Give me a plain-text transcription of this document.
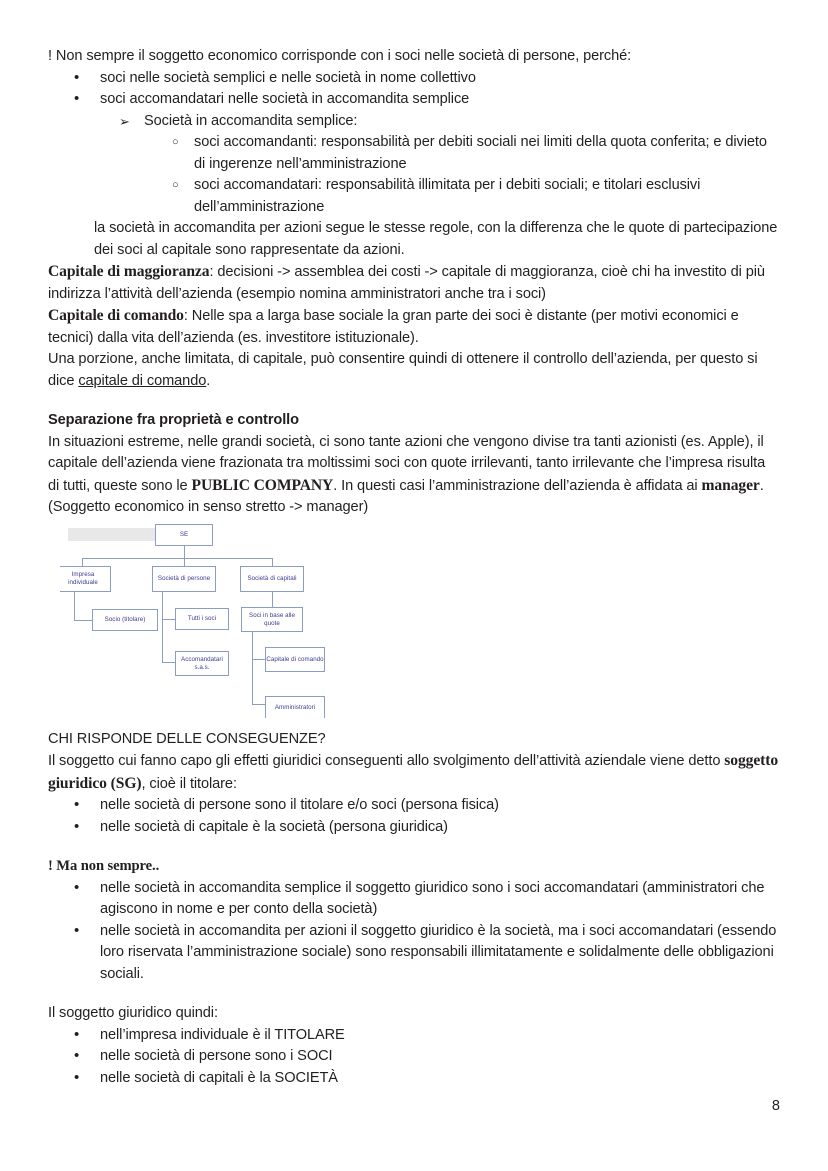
! Non sempre il soggetto economico corrisponde con i soci nelle società di persone, perché:

• soci nelle società semplici e nelle società in nome collettivo
• soci accomandatari nelle società in accomandita semplice
➢ Società in accomandita semplice:
○ soci accomandanti: responsabilità per debiti sociali nei limiti della quota conferita; e divieto di ingerenze nell’amministrazione
○ soci accomandatari: responsabilità illimitata per i debiti sociali; e titolari esclusivi dell’amministrazione

la società in accomandita per azioni segue le stesse regole, con la differenza che le quote di partecipazione dei soci al capitale sono rappresentate da azioni.

Capitale di maggioranza: decisioni -> assemblea dei costi -> capitale di maggioranza, cioè chi ha investito di più indirizza l’attività dell’azienda (esempio nomina amministratori anche tra i soci)

Capitale di comando: Nelle spa a larga base sociale la gran parte dei soci è distante (per motivi economici e tecnici) dalla vita dell’azienda (es. investitore istituzionale).

Una porzione, anche limitata, di capitale, può consentire quindi di ottenere il controllo dell’azienda, per questo si dice capitale di comando.

Separazione fra proprietà e controllo

In situazioni estreme, nelle grandi società, ci sono tante azioni che vengono divise tra tanti azionisti (es. Apple), il capitale dell’azienda viene frazionata tra moltissimi soci con quote irrilevanti, tanto irrilevante che l’impresa risulta di tutti, queste sono le PUBLIC COMPANY. In questi casi l’amministrazione dell’azienda è affidata ai manager. (Soggetto economico in senso stretto -> manager)

CHI RISPONDE DELLE CONSEGUENZE?

Il soggetto cui fanno capo gli effetti giuridici conseguenti allo svolgimento dell’attività aziendale viene detto soggetto giuridico (SG), cioè il titolare:

• nelle società di persone sono il titolare e/o soci (persona fisica)
• nelle società di capitale è la società (persona giuridica)

! Ma non sempre..

• nelle società in accomandita semplice il soggetto giuridico sono i soci accomandatari (amministratori che agiscono in nome e per conto della società)
• nelle società in accomandita per azioni il soggetto giuridico è la società, ma i soci accomandatari (essendo loro riservata l’amministrazione sociale) sono responsabili illimitatamente e solidalmente delle obbligazioni sociali.

Il soggetto giuridico quindi:

• nell’impresa individuale è il TITOLARE
• nelle società di persone sono i SOCI
• nelle società di capitali è la SOCIETÀ
SE
Impresa individuale
Società di persone	Società di capitali
Socio (titolare)	Tutti i soci
Accomandatari s.a.s.
Soci in base alle quote
Capitale di comando
Amministratori
8
